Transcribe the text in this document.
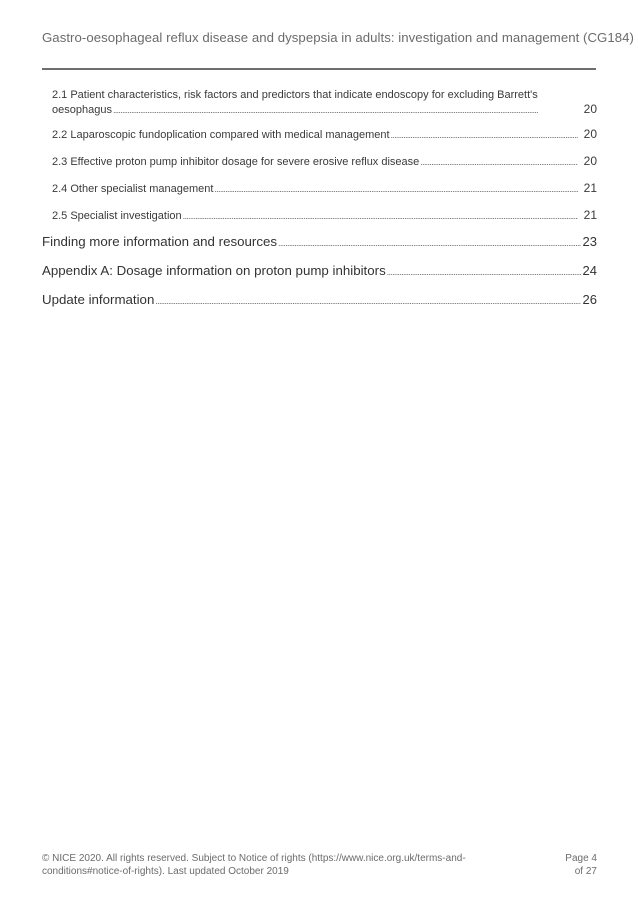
Gastro-oesophageal reflux disease and dyspepsia in adults: investigation and management (CG184)
2.1 Patient characteristics, risk factors and predictors that indicate endoscopy for excluding Barrett's
oesophagus . . .	20
2.2 Laparoscopic fundoplication compared with medical management . . .	20
2.3 Effective proton pump inhibitor dosage for severe erosive reflux disease . . .	20
2.4 Other specialist management . . .	21
2.5 Specialist investigation . . .	21
Finding more information and resources . . .	23
Appendix A: Dosage information on proton pump inhibitors . . .	24
Update information . . .	26
© NICE 2020. All rights reserved. Subject to Notice of rights (https://www.nice.org.uk/terms-and-
conditions#notice-of-rights). Last updated October 2019
Page 4
of 27
